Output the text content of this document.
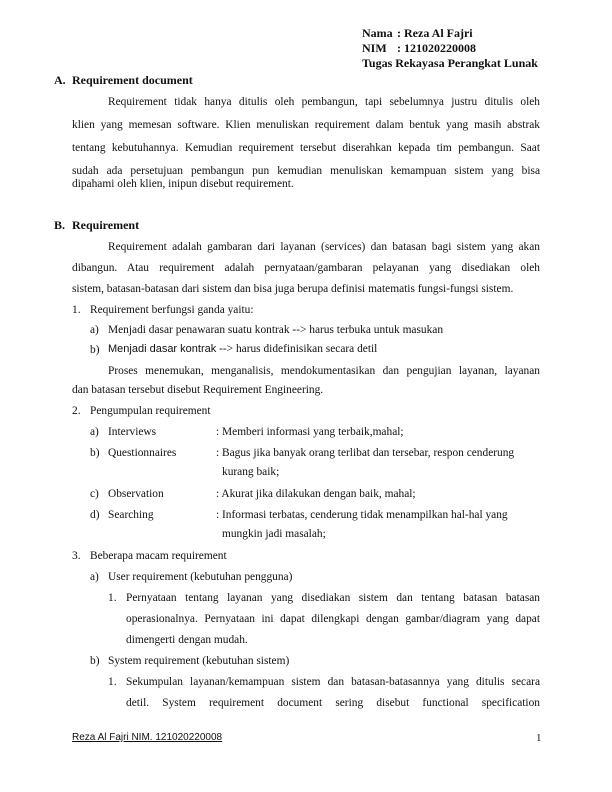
Nama : Reza Al Fajri
NIM : 121020220008
Tugas Rekayasa Perangkat Lunak
A. Requirement document
Requirement tidak hanya ditulis oleh pembangun, tapi sebelumnya justru ditulis oleh
klien yang memesan software. Klien menuliskan requirement dalam bentuk yang masih abstrak
tentang kebutuhannya. Kemudian requirement tersebut diserahkan kepada tim pembangun. Saat
sudah ada persetujuan pembangun pun kemudian menuliskan kemampuan sistem yang bisa
dipahami oleh klien, inipun disebut requirement.
B. Requirement
Requirement adalah gambaran dari layanan (services) dan batasan bagi sistem yang akan
dibangun. Atau requirement adalah pernyataan/gambaran pelayanan yang disediakan oleh
sistem, batasan-batasan dari sistem dan bisa juga berupa definisi matematis fungsi-fungsi sistem.
1. Requirement berfungsi ganda yaitu:
a) Menjadi dasar penawaran suatu kontrak --> harus terbuka untuk masukan
b) Menjadi dasar kontrak --> harus didefinisikan secara detil
Proses menemukan, menganalisis, mendokumentasikan dan pengujian layanan, layanan
dan batasan tersebut disebut Requirement Engineering.
2. Pengumpulan requirement
a) Interviews	: Memberi informasi yang terbaik,mahal;
b) Questionnaires	: Bagus jika banyak orang terlibat dan tersebar, respon cenderung
kurang baik;
c) Observation	: Akurat jika dilakukan dengan baik, mahal;
d) Searching	: Informasi terbatas, cenderung tidak menampilkan hal-hal yang
mungkin jadi masalah;
3. Beberapa macam requirement
a) User requirement (kebutuhan pengguna)
1. Pernyataan tentang layanan yang disediakan sistem dan tentang batasan batasan
operasionalnya. Pernyataan ini dapat dilengkapi dengan gambar/diagram yang dapat
dimengerti dengan mudah.
b) System requirement (kebutuhan sistem)
1. Sekumpulan layanan/kemampuan sistem dan batasan-batasannya yang ditulis secara
detil. System requirement document sering disebut functional specification
Reza Al Fajri NIM. 121020220008	1
